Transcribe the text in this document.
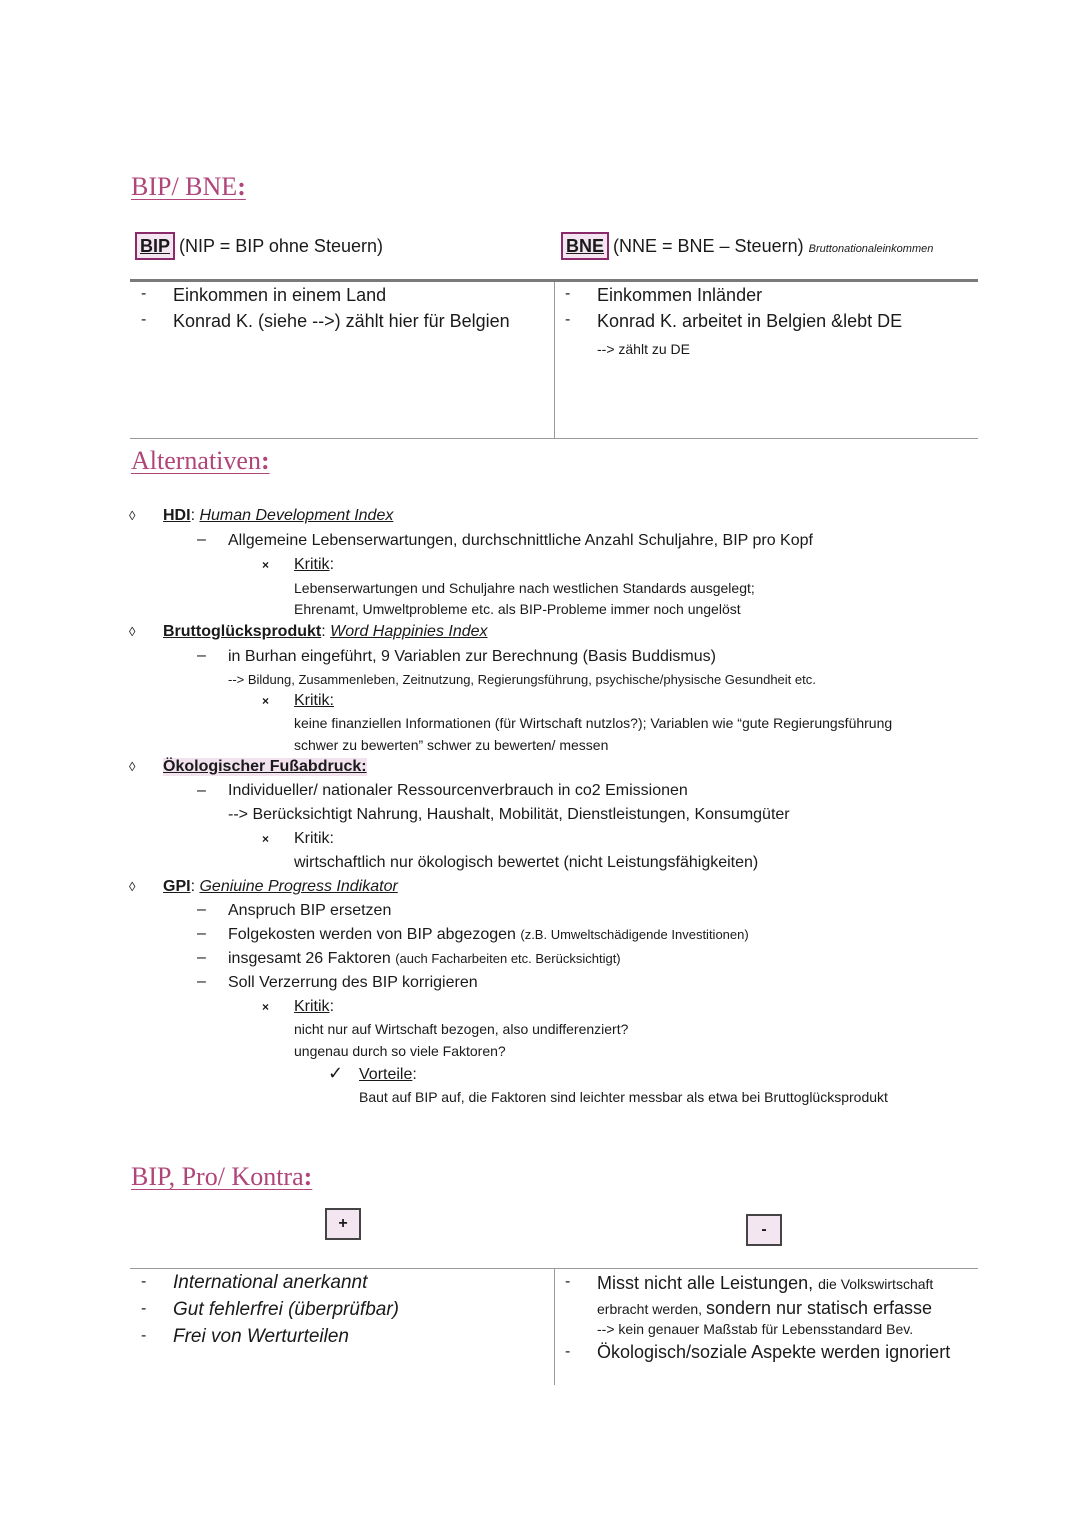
BIP/ BNE:
BIP (NIP = BIP ohne Steuern)	BNE (NNE = BNE – Steuern) Bruttonationaleinkommen
- Einkommen in einem Land
- Konrad K. (siehe -->) zählt hier für Belgien
- Einkommen Inländer
- Konrad K. arbeitet in Belgien &lebt DE
--> zählt zu DE
Alternativen:
◊ HDI: Human Development Index
– Allgemeine Lebenserwartungen, durchschnittliche Anzahl Schuljahre, BIP pro Kopf
× Kritik:
Lebenserwartungen und Schuljahre nach westlichen Standards ausgelegt;
Ehrenamt, Umweltprobleme etc. als BIP-Probleme immer noch ungelöst
◊ Bruttoglücksprodukt: Word Happinies Index
– in Burhan eingeführt, 9 Variablen zur Berechnung (Basis Buddismus)
--> Bildung, Zusammenleben, Zeitnutzung, Regierungsführung, psychische/physische Gesundheit etc.
× Kritik:
keine finanziellen Informationen (für Wirtschaft nutzlos?); Variablen wie “gute Regierungsführung
schwer zu bewerten” schwer zu bewerten/ messen
◊ Ökologischer Fußabdruck:
– Individueller/ nationaler Ressourcenverbrauch in co2 Emissionen
--> Berücksichtigt Nahrung, Haushalt, Mobilität, Dienstleistungen, Konsumgüter
× Kritik:
wirtschaftlich nur ökologisch bewertet (nicht Leistungsfähigkeiten)
◊ GPI: Geniuine Progress Indikator
– Anspruch BIP ersetzen
– Folgekosten werden von BIP abgezogen (z.B. Umweltschädigende Investitionen)
– insgesamt 26 Faktoren (auch Facharbeiten etc. Berücksichtigt)
– Soll Verzerrung des BIP korrigieren
× Kritik:
nicht nur auf Wirtschaft bezogen, also undifferenziert?
ungenau durch so viele Faktoren?
✓ Vorteile:
Baut auf BIP auf, die Faktoren sind leichter messbar als etwa bei Bruttoglücksprodukt
BIP, Pro/ Kontra:
+	-
- International anerkannt
- Gut fehlerfrei (überprüfbar)
- Frei von Werturteilen
- Misst nicht alle Leistungen, die Volkswirtschaft
erbracht werden, sondern nur statisch erfasse
--> kein genauer Maßstab für Lebensstandard Bev.
- Ökologisch/soziale Aspekte werden ignoriert
